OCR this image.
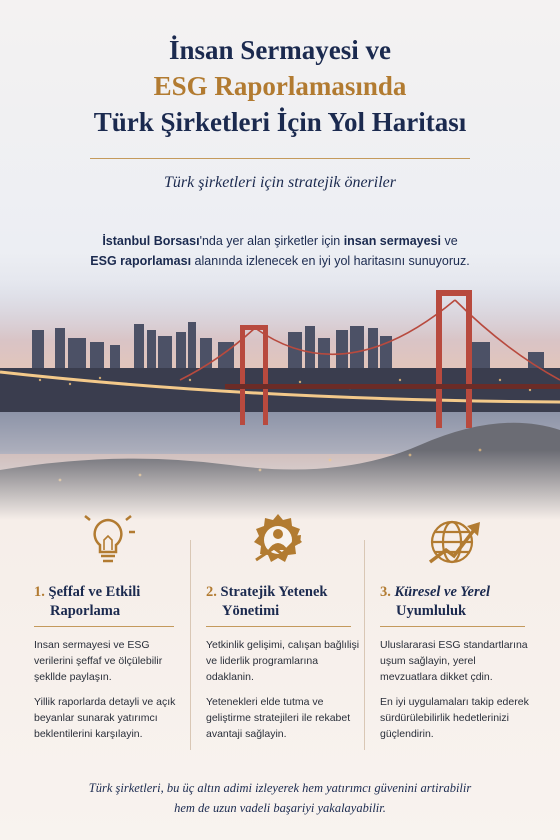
İnsan Sermayesi ve
ESG Raporlamasında
Türk Şirketleri İçin Yol Haritası
Türk şirketleri için stratejik öneriler
İstanbul Borsası'nda yer alan şirketler için insan sermayesi ve
ESG raporlaması alanında izlenecek en iyi yol haritasını sunuyoruz.
1. Şeffaf ve Etkili
Raporlama

Insan sermayesi ve ESG verilerini şeffaf ve ölçülebilir şekllde paylaşın.

Yillik raporlarda detayli ve açık beyanlar sunarak yatırımcı beklentilerini karşılayin.

2. Stratejik Yetenek
Yönetimi

Yetkinlik gelişimi, calışan bağlılişi ve liderlik programlarına odaklanin.

Yetenekleri elde tutma ve geliştirme stratejileri ile rekabet avantaji sağlayin.

3. Küresel ve Yerel
Uyumluluk

Uluslararasi ESG standartlarına uşum sağlayin, yerel mevzuatlara dikket çdin.

En iyi uygulamaları takip ederek sürdürülebilirlik hedetlerinizi güçlendirin.

Türk şirketleri, bu üç altın adimi izleyerek hem yatırımcı güvenini artirabilir
hem de uzun vadeli başariyi yakalayabilir.
